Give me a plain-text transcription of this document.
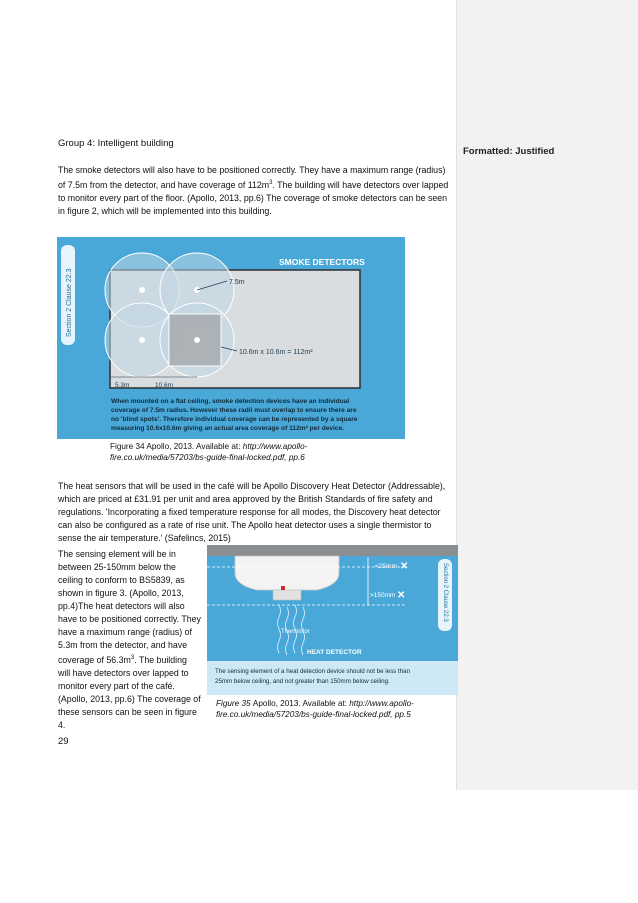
Formatted: Justified
Group 4: Intelligent building

The smoke detectors will also have to be positioned correctly. They have a maximum range (radius) of 7.5m from the detector, and have coverage of $112m^3$. The building will have detectors over lapped to monitor every part of the floor. (Apollo, 2013, pp.6) The coverage of smoke detectors can be seen in figure 2, which will be implemented into this building.

Section 2 Clause 22.3
SMOKE DETECTORS
7.5m
10.6m x 10.6m = 112m²
5.3m	10.6m
When mounted on a flat ceiling, smoke detection devices have an individual
coverage of 7.5m radius. However these radii must overlap to ensure there are
no 'blind spots'. Therefore individual coverage can be represented by a square
measuring 10.6x10.6m giving an actual area coverage of 112m² per device.
Figure 34 Apollo, 2013. Available at: http://www.apollo-fire.co.uk/media/57203/bs-guide-final-locked.pdf, pp.6

The heat sensors that will be used in the café will be Apollo Discovery Heat Detector (Addressable), which are priced at £31.91 per unit and area approved by the British Standards of fire safety and regulations. 'Incorporating a fixed temperature response for all modes, the Discovery heat detector can also be configured as a rate of rise unit. The Apollo heat detector uses a single thermistor to sense the air temperature.' (Safelincs, 2015)

The sensing element will be in between 25-150mm below the ceiling to conform to BS5839, as shown in figure 3. (Apollo, 2013, pp.4)The heat detectors will also have to be positioned correctly. They have a maximum range (radius) of 5.3m from the detector, and have coverage of $56.3m^3$. The building will have detectors over lapped to monitor every part of the café. (Apollo, 2013, pp.6) The coverage of these sensors can be seen in figure 4.

Section 2 Clause 22.3
<25mm ✕
>150mm ✕
Thermistor
HEAT DETECTOR
The sensing element of a heat detection device should not be less than
25mm below ceiling, and not greater than 150mm below ceiling.
Figure 35 Apollo, 2013. Available at: http://www.apollo-fire.co.uk/media/57203/bs-guide-final-locked.pdf, pp.5
29
